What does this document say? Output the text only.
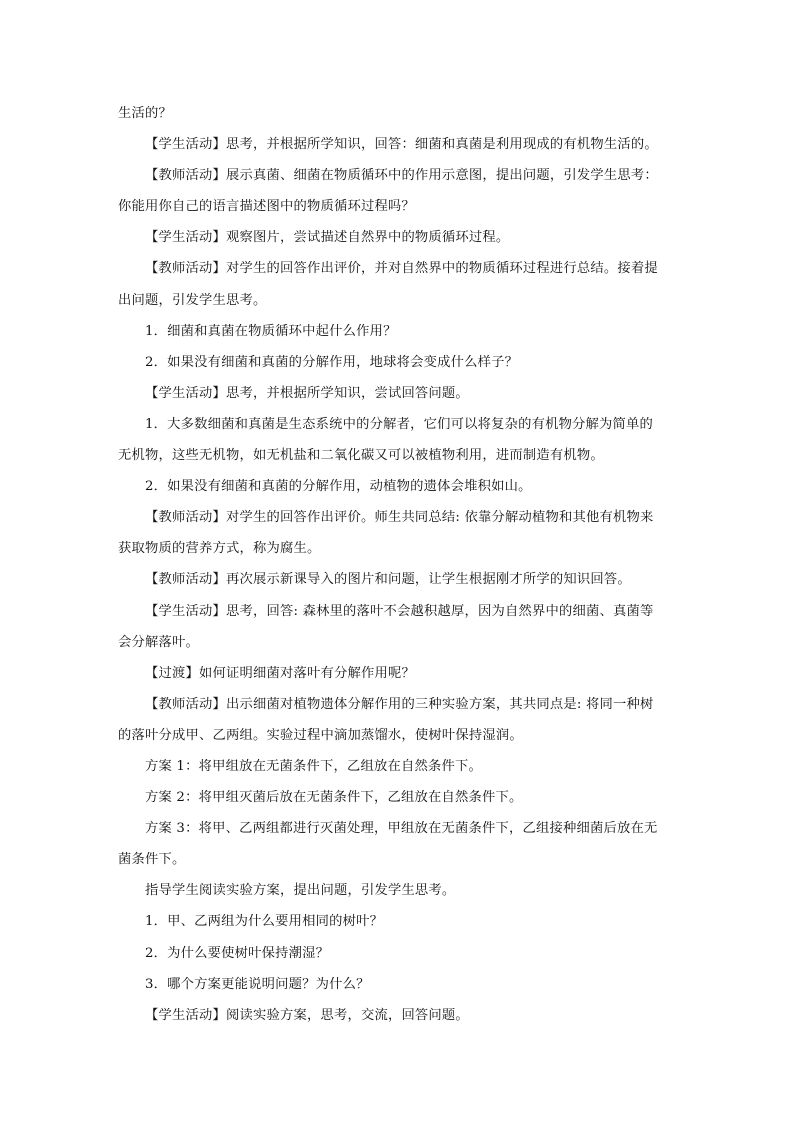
生活的？
【学生活动】思考，并根据所学知识，回答：细菌和真菌是利用现成的有机物生活的。
【教师活动】展示真菌、细菌在物质循环中的作用示意图，提出问题，引发学生思考：
你能用你自己的语言描述图中的物质循环过程吗？
【学生活动】观察图片，尝试描述自然界中的物质循环过程。
【教师活动】对学生的回答作出评价，并对自然界中的物质循环过程进行总结。接着提
出问题，引发学生思考。
1．细菌和真菌在物质循环中起什么作用？
2．如果没有细菌和真菌的分解作用，地球将会变成什么样子？
【学生活动】思考，并根据所学知识，尝试回答问题。
1．大多数细菌和真菌是生态系统中的分解者，它们可以将复杂的有机物分解为简单的
无机物，这些无机物，如无机盐和二氧化碳又可以被植物利用，进而制造有机物。
2．如果没有细菌和真菌的分解作用，动植物的遗体会堆积如山。
【教师活动】对学生的回答作出评价。师生共同总结: 依靠分解动植物和其他有机物来
获取物质的营养方式，称为腐生。
【教师活动】再次展示新课导入的图片和问题，让学生根据刚才所学的知识回答。
【学生活动】思考，回答: 森林里的落叶不会越积越厚，因为自然界中的细菌、真菌等
会分解落叶。
【过渡】如何证明细菌对落叶有分解作用呢？
【教师活动】出示细菌对植物遗体分解作用的三种实验方案，其共同点是: 将同一种树
的落叶分成甲、乙两组。实验过程中滴加蒸馏水，使树叶保持湿润。
方案 1：将甲组放在无菌条件下，乙组放在自然条件下。
方案 2：将甲组灭菌后放在无菌条件下，乙组放在自然条件下。
方案 3：将甲、乙两组都进行灭菌处理，甲组放在无菌条件下，乙组接种细菌后放在无
菌条件下。
指导学生阅读实验方案，提出问题，引发学生思考。
1．甲、乙两组为什么要用相同的树叶？
2．为什么要使树叶保持潮湿？
3．哪个方案更能说明问题？为什么？
【学生活动】阅读实验方案，思考，交流，回答问题。
